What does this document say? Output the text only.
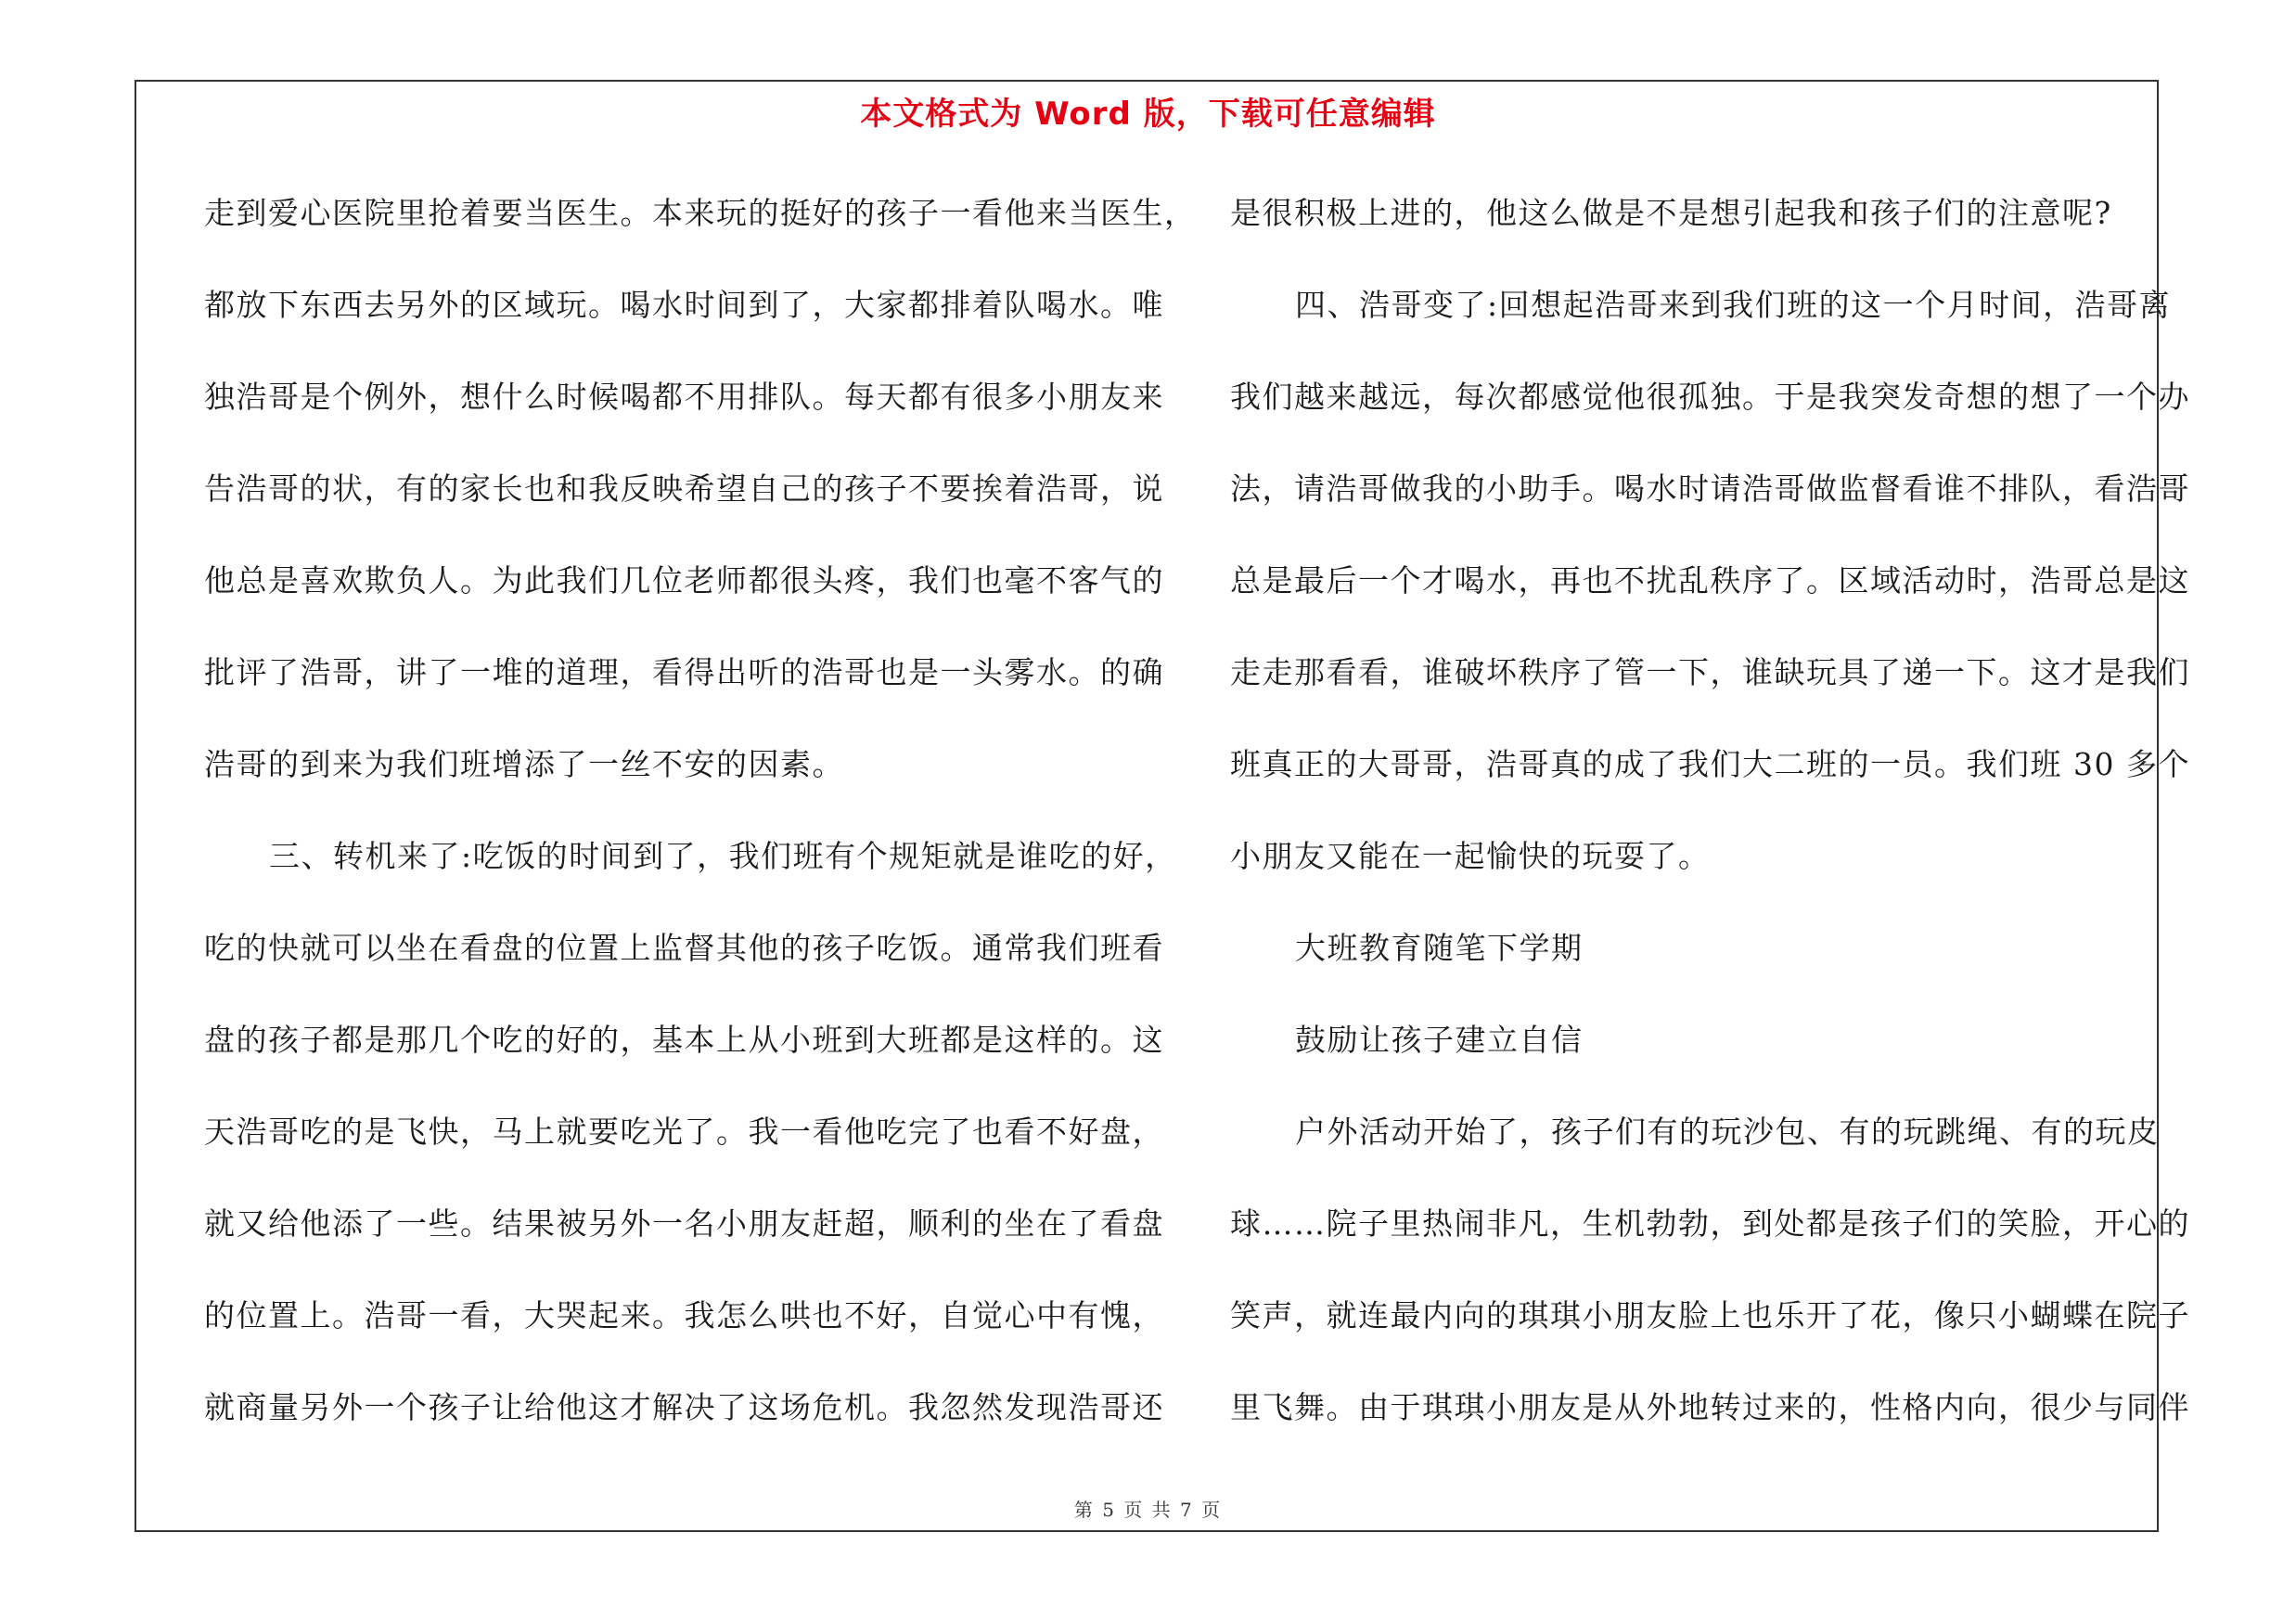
本文格式为 Word 版，下载可任意编辑
走到爱心医院里抢着要当医生。本来玩的挺好的孩子一看他来当医生，
都放下东西去另外的区域玩。喝水时间到了，大家都排着队喝水。唯
独浩哥是个例外，想什么时候喝都不用排队。每天都有很多小朋友来
告浩哥的状，有的家长也和我反映希望自己的孩子不要挨着浩哥，说
他总是喜欢欺负人。为此我们几位老师都很头疼，我们也毫不客气的
批评了浩哥，讲了一堆的道理，看得出听的浩哥也是一头雾水。的确
浩哥的到来为我们班增添了一丝不安的因素。
三、转机来了:吃饭的时间到了，我们班有个规矩就是谁吃的好，
吃的快就可以坐在看盘的位置上监督其他的孩子吃饭。通常我们班看
盘的孩子都是那几个吃的好的，基本上从小班到大班都是这样的。这
天浩哥吃的是飞快，马上就要吃光了。我一看他吃完了也看不好盘，
就又给他添了一些。结果被另外一名小朋友赶超，顺利的坐在了看盘
的位置上。浩哥一看，大哭起来。我怎么哄也不好，自觉心中有愧，
就商量另外一个孩子让给他这才解决了这场危机。我忽然发现浩哥还
是很积极上进的，他这么做是不是想引起我和孩子们的注意呢?
四、浩哥变了:回想起浩哥来到我们班的这一个月时间，浩哥离
我们越来越远，每次都感觉他很孤独。于是我突发奇想的想了一个办
法，请浩哥做我的小助手。喝水时请浩哥做监督看谁不排队，看浩哥
总是最后一个才喝水，再也不扰乱秩序了。区域活动时，浩哥总是这
走走那看看，谁破坏秩序了管一下，谁缺玩具了递一下。这才是我们
班真正的大哥哥，浩哥真的成了我们大二班的一员。我们班 30 多个
小朋友又能在一起愉快的玩耍了。
大班教育随笔下学期
鼓励让孩子建立自信
户外活动开始了，孩子们有的玩沙包、有的玩跳绳、有的玩皮
球……院子里热闹非凡，生机勃勃，到处都是孩子们的笑脸，开心的
笑声，就连最内向的琪琪小朋友脸上也乐开了花，像只小蝴蝶在院子
里飞舞。由于琪琪小朋友是从外地转过来的，性格内向，很少与同伴
第 5 页 共 7 页
